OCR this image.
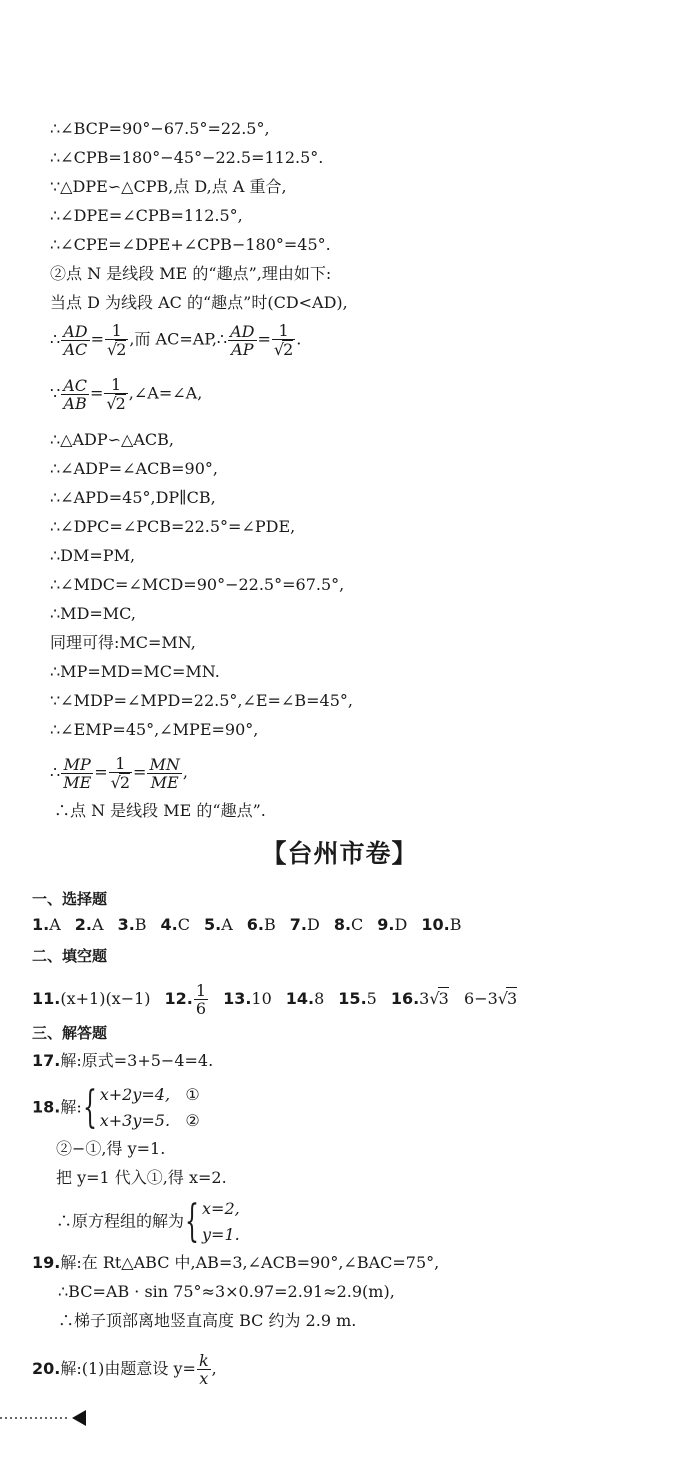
∴∠BCP=90°−67.5°=22.5°,
∴∠CPB=180°−45°−22.5=112.5°.
∵△DPE∽△CPB,点 D,点 A 重合,
∴∠DPE=∠CPB=112.5°,
∴∠CPE=∠DPE+∠CPB−180°=45°.
②点 N 是线段 ME 的“趣点”,理由如下:
当点 D 为线段 AC 的“趣点”时(CD<AD),
∴ $\frac{AD}{AC} = \frac{1}{√2}$ ,而 AC=AP,∴ $\frac{AD}{AP} = \frac{1}{√2}$ .
∵ $\frac{AC}{AB} = \frac{1}{√2}$ ,∠A=∠A,
∴△ADP∽△ACB,
∴∠ADP=∠ACB=90°,
∴∠APD=45°,DP∥CB,
∴∠DPC=∠PCB=22.5°=∠PDE,
∴DM=PM,
∴∠MDC=∠MCD=90°−22.5°=67.5°,
∴MD=MC,
同理可得:MC=MN,
∴MP=MD=MC=MN.
∵∠MDP=∠MPD=22.5°,∠E=∠B=45°,
∴∠EMP=45°,∠MPE=90°,
∴ $\frac{MP}{ME} = \frac{1}{√2} = \frac{MN}{ME}$ ,
∴点 N 是线段 ME 的“趣点”.
【台州市卷】
一、选择题
1.A 2.A 3.B 4.C 5.A 6.B 7.D 8.C 9.D 10.B
二、填空题
11.(x+1)(x−1) 12. $\frac{1}{6} 13.10$ 14.8 15.5 16.3√3 6−3√3
三、解答题
17.解:原式=3+5−4=4.
18.解:{ x+2y=4, ①
x+3y=5. ②
②−①,得 y=1.
把 y=1 代入①,得 x=2.
∴原方程组的解为{ x=2,
y=1.
19.解:在 Rt△ABC 中,AB=3,∠ACB=90°,∠BAC=75°,
∴BC=AB · sin 75°≈3×0.97=2.91≈2.9(m),
∴梯子顶部离地竖直高度 BC 约为 2.9 m.
20.解:(1)由题意设 $y= \frac{k}{x}$ ,
